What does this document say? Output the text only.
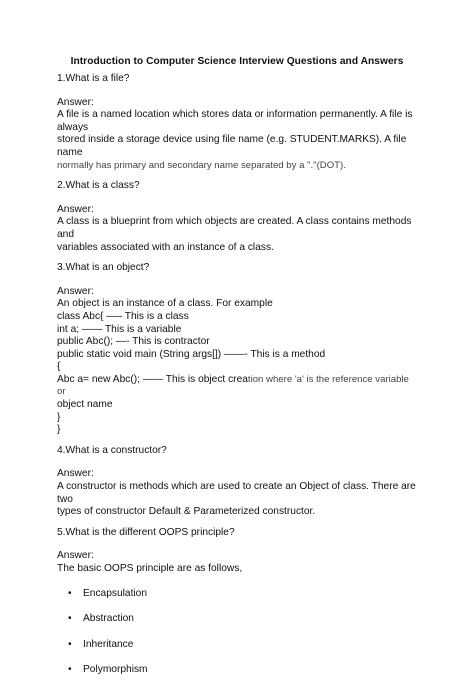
Introduction to Computer Science Interview Questions and Answers

1.What is a file?

Answer:

A file is a named location which stores data or information permanently. A file is always

stored inside a storage device using file name (e.g. STUDENT.MARKS). A file name

normally has primary and secondary name separated by a "."(DOT).

2.What is a class?

Answer:

A class is a blueprint from which objects are created. A class contains methods and

variables associated with an instance of a class.

3.What is an object?

Answer:

An object is an instance of a class. For example

class Abc{ —– This is a class

int a; —— This is a variable

public Abc(); —- This is contractor

public static void main (String args[]) ——- This is a method

{

Abc a= new Abc(); —— This is object creation where 'a' is the reference variable or

object name

}

}

4.What is a constructor?

Answer:

A constructor is methods which are used to create an Object of class. There are two

types of constructor Default & Parameterized constructor.

5.What is the different OOPS principle?

Answer:

The basic OOPS principle are as follows,

• Encapsulation
• Abstraction
• Inheritance
• Polymorphism
